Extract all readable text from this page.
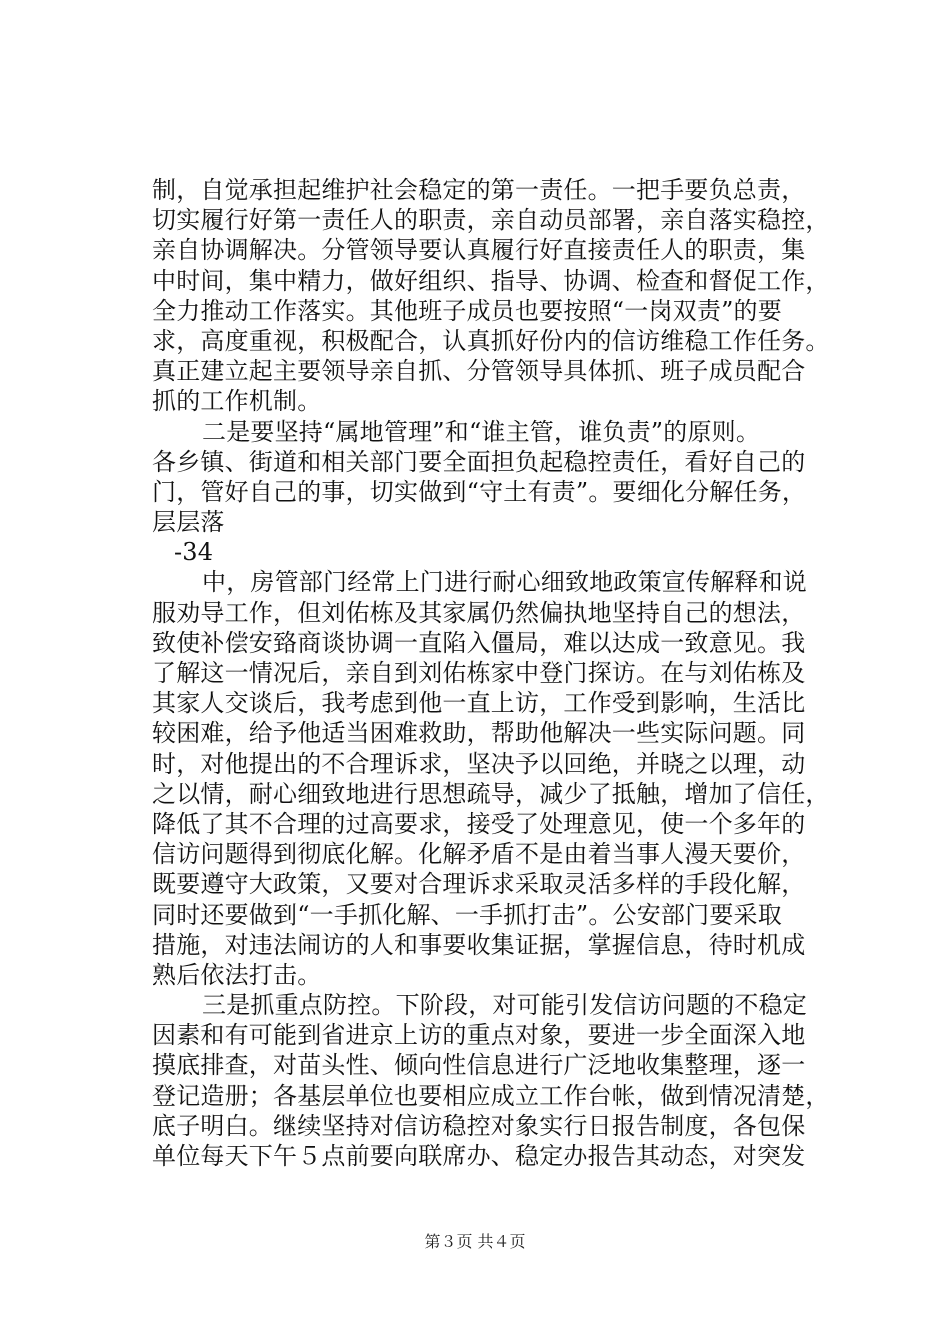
制，自觉承担起维护社会稳定的第一责任。一把手要负总责，
切实履行好第一责任人的职责，亲自动员部署，亲自落实稳控，
亲自协调解决。分管领导要认真履行好直接责任人的职责，集
中时间，集中精力，做好组织、指导、协调、检查和督促工作，
全力推动工作落实。其他班子成员也要按照“一岗双责”的要
求，高度重视，积极配合，认真抓好份内的信访维稳工作任务。
真正建立起主要领导亲自抓、分管领导具体抓、班子成员配合
抓的工作机制。
二是要坚持“属地管理”和“谁主管，谁负责”的原则。
各乡镇、街道和相关部门要全面担负起稳控责任，看好自己的
门，管好自己的事，切实做到“守土有责”。要细化分解任务，
层层落
-34
中，房管部门经常上门进行耐心细致地政策宣传解释和说
服劝导工作，但刘佑栋及其家属仍然偏执地坚持自己的想法，
致使补偿安臵商谈协调一直陷入僵局，难以达成一致意见。我
了解这一情况后，亲自到刘佑栋家中登门探访。在与刘佑栋及
其家人交谈后，我考虑到他一直上访，工作受到影响，生活比
较困难，给予他适当困难救助，帮助他解决一些实际问题。同
时，对他提出的不合理诉求，坚决予以回绝，并晓之以理，动
之以情，耐心细致地进行思想疏导，减少了抵触，增加了信任，
降低了其不合理的过高要求，接受了处理意见，使一个多年的
信访问题得到彻底化解。化解矛盾不是由着当事人漫天要价，
既要遵守大政策，又要对合理诉求采取灵活多样的手段化解，
同时还要做到“一手抓化解、一手抓打击”。公安部门要采取
措施，对违法闹访的人和事要收集证据，掌握信息，待时机成
熟后依法打击。
三是抓重点防控。下阶段，对可能引发信访问题的不稳定
因素和有可能到省进京上访的重点对象，要进一步全面深入地
摸底排查，对苗头性、倾向性信息进行广泛地收集整理，逐一
登记造册；各基层单位也要相应成立工作台帐，做到情况清楚，
底子明白。继续坚持对信访稳控对象实行日报告制度，各包保
单位每天下午５点前要向联席办、稳定办报告其动态，对突发
第３页 共４页
